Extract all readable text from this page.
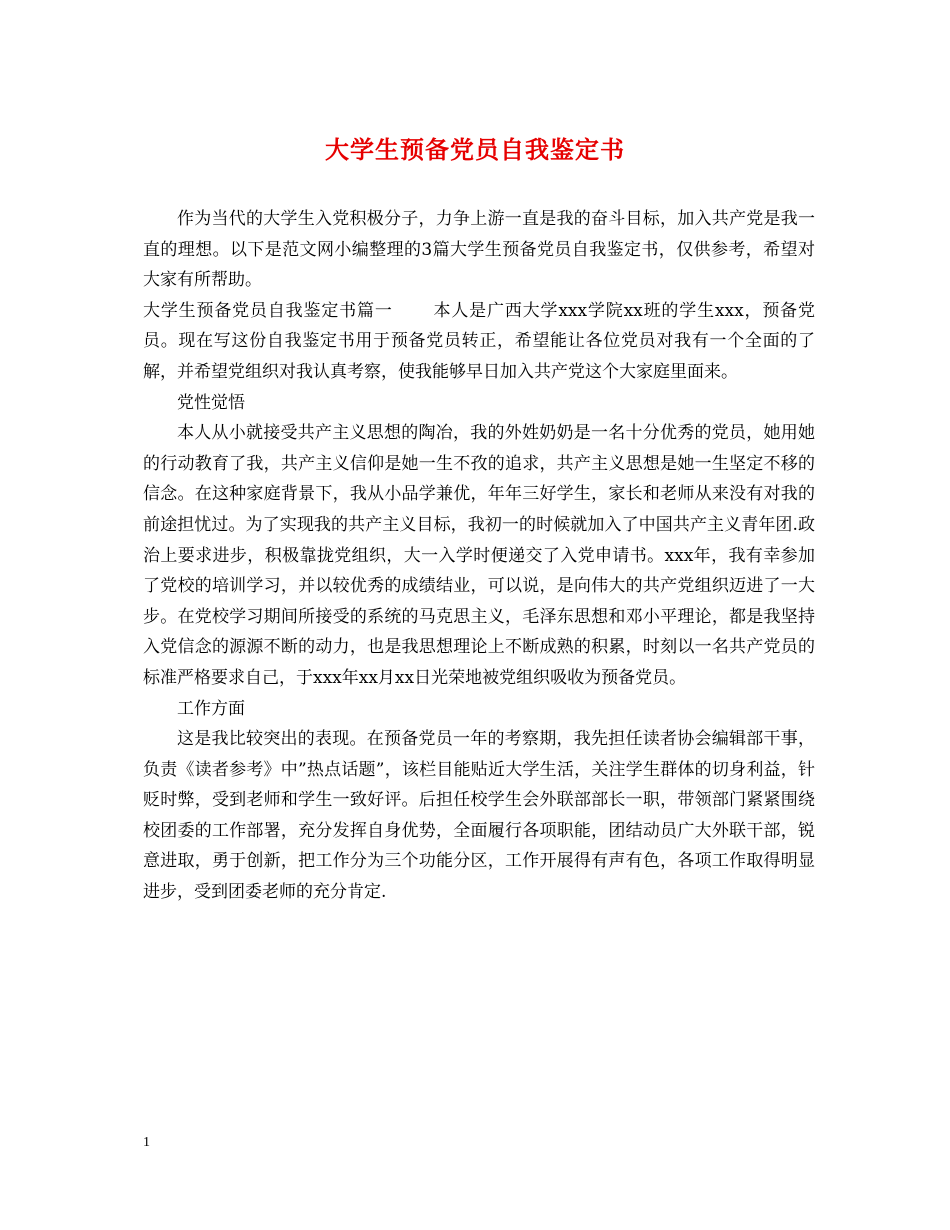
大学生预备党员自我鉴定书

作为当代的大学生入党积极分子，力争上游一直是我的奋斗目标，加入共产党是我一直的理想。以下是范文网小编整理的3篇大学生预备党员自我鉴定书，仅供参考，希望对大家有所帮助。

大学生预备党员自我鉴定书篇一 本人是广西大学xxx学院xx班的学生xxx，预备党员。现在写这份自我鉴定书用于预备党员转正，希望能让各位党员对我有一个全面的了解，并希望党组织对我认真考察，使我能够早日加入共产党这个大家庭里面来。

党性觉悟

本人从小就接受共产主义思想的陶冶，我的外姓奶奶是一名十分优秀的党员，她用她的行动教育了我，共产主义信仰是她一生不孜的追求，共产主义思想是她一生坚定不移的信念。在这种家庭背景下，我从小品学兼优，年年三好学生，家长和老师从来没有对我的前途担忧过。为了实现我的共产主义目标，我初一的时候就加入了中国共产主义青年团.政治上要求进步，积极靠拢党组织，大一入学时便递交了入党申请书。xxx年，我有幸参加了党校的培训学习，并以较优秀的成绩结业，可以说，是向伟大的共产党组织迈进了一大步。在党校学习期间所接受的系统的马克思主义，毛泽东思想和邓小平理论，都是我坚持入党信念的源源不断的动力，也是我思想理论上不断成熟的积累，时刻以一名共产党员的标准严格要求自己，于xxx年xx月xx日光荣地被党组织吸收为预备党员。

工作方面

这是我比较突出的表现。在预备党员一年的考察期，我先担任读者协会编辑部干事，负责《读者参考》中”热点话题”，该栏目能贴近大学生活，关注学生群体的切身利益，针贬时弊，受到老师和学生一致好评。后担任校学生会外联部部长一职，带领部门紧紧围绕校团委的工作部署，充分发挥自身优势，全面履行各项职能，团结动员广大外联干部，锐意进取，勇于创新，把工作分为三个功能分区，工作开展得有声有色，各项工作取得明显进步，受到团委老师的充分肯定.

1
